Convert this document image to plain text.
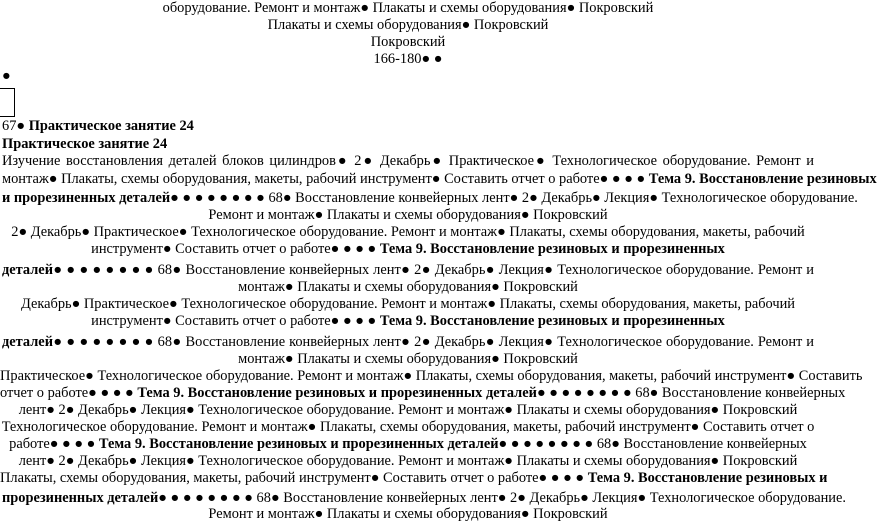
оборудование. Ремонт и монтаж● Плакаты и схемы оборудования● Покровский
Плакаты и схемы оборудования● Покровский
Покровский
166-180● ●
●
67● Практическое занятие 24
Практическое занятие 24
Изучение восстановления деталей блоков цилиндров● 2● Декабрь● Практическое● Технологическое оборудование. Ремонт и
монтаж● Плакаты, схемы оборудования, макеты, рабочий инструмент● Составить отчет о работе● ● ● ● Тема 9. Восстановление резиновых
и прорезиненных деталей● ● ● ● ● ● ● ● 68● Восстановление конвейерных лент● 2● Декабрь● Лекция● Технологическое оборудование.
Ремонт и монтаж● Плакаты и схемы оборудования● Покровский
2● Декабрь● Практическое● Технологическое оборудование. Ремонт и монтаж● Плакаты, схемы оборудования, макеты, рабочий
инструмент● Составить отчет о работе● ● ● ● Тема 9. Восстановление резиновых и прорезиненных
деталей● ● ● ● ● ● ● ● 68● Восстановление конвейерных лент● 2● Декабрь● Лекция● Технологическое оборудование. Ремонт и
монтаж● Плакаты и схемы оборудования● Покровский
Декабрь● Практическое● Технологическое оборудование. Ремонт и монтаж● Плакаты, схемы оборудования, макеты, рабочий
инструмент● Составить отчет о работе● ● ● ● Тема 9. Восстановление резиновых и прорезиненных
деталей● ● ● ● ● ● ● ● 68● Восстановление конвейерных лент● 2● Декабрь● Лекция● Технологическое оборудование. Ремонт и
монтаж● Плакаты и схемы оборудования● Покровский
Практическое● Технологическое оборудование. Ремонт и монтаж● Плакаты, схемы оборудования, макеты, рабочий инструмент● Составить
отчет о работе● ● ● ● Тема 9. Восстановление резиновых и прорезиненных деталей● ● ● ● ● ● ● ● 68● Восстановление конвейерных
лент● 2● Декабрь● Лекция● Технологическое оборудование. Ремонт и монтаж● Плакаты и схемы оборудования● Покровский
Технологическое оборудование. Ремонт и монтаж● Плакаты, схемы оборудования, макеты, рабочий инструмент● Составить отчет о
работе● ● ● ● Тема 9. Восстановление резиновых и прорезиненных деталей● ● ● ● ● ● ● ● 68● Восстановление конвейерных
лент● 2● Декабрь● Лекция● Технологическое оборудование. Ремонт и монтаж● Плакаты и схемы оборудования● Покровский
Плакаты, схемы оборудования, макеты, рабочий инструмент● Составить отчет о работе● ● ● ● Тема 9. Восстановление резиновых и
прорезиненных деталей● ● ● ● ● ● ● ● 68● Восстановление конвейерных лент● 2● Декабрь● Лекция● Технологическое оборудование.
Ремонт и монтаж● Плакаты и схемы оборудования● Покровский
